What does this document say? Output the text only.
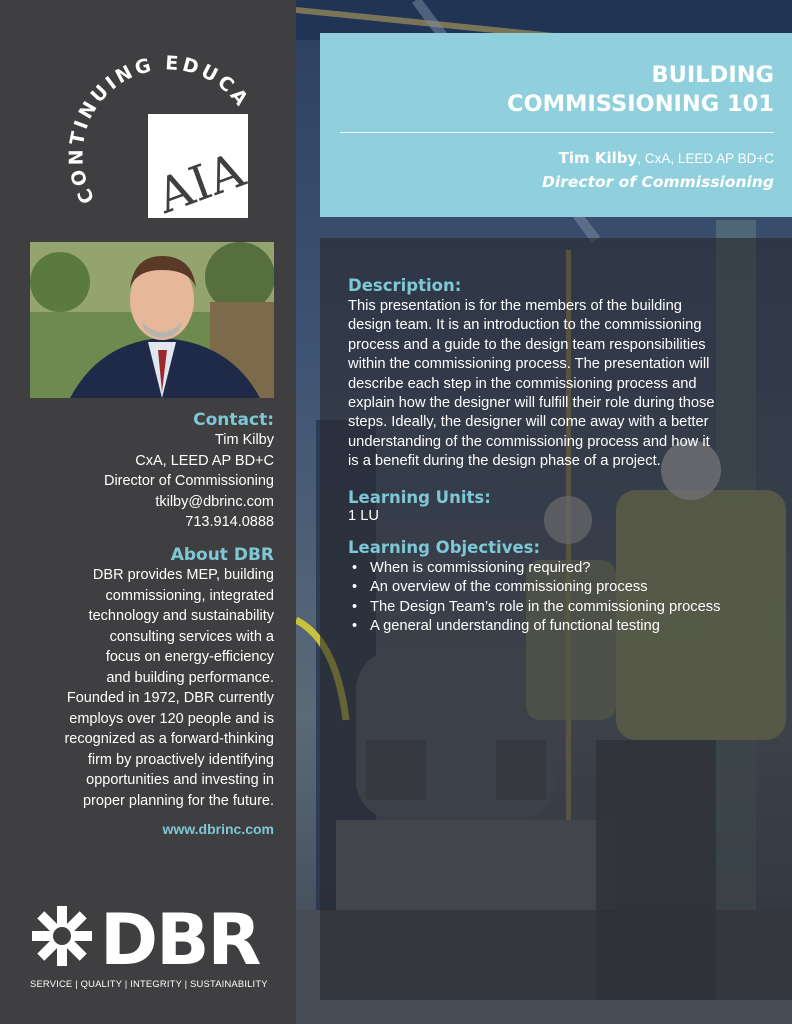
CONTINUING EDUCA
AIA
Contact:
Tim Kilby
CxA, LEED AP BD+C
Director of Commissioning
tkilby@dbrinc.com
713.914.0888
About DBR
DBR provides MEP, building
commissioning, integrated
technology and sustainability
consulting services with a
focus on energy-efficiency
and building performance.
Founded in 1972, DBR currently
employs over 120 people and is
recognized as a forward-thinking
firm by proactively identifying
opportunities and investing in
proper planning for the future.
www.dbrinc.com
DBR
SERVICE | QUALITY | INTEGRITY | SUSTAINABILITY
BUILDING
COMMISSIONING 101
Tim Kilby, CxA, LEED AP BD+C
Director of Commissioning
Description:
This presentation is for the members of the building
design team. It is an introduction to the commissioning
process and a guide to the design team responsibilities
within the commissioning process. The presentation will
describe each step in the commissioning process and
explain how the designer will fulfill their role during those
steps. Ideally, the designer will come away with a better
understanding of the commissioning process and how it
is a benefit during the design phase of a project.
Learning Units:
1 LU
Learning Objectives:
• When is commissioning required?
• An overview of the commissioning process
• The Design Team’s role in the commissioning process
• A general understanding of functional testing
